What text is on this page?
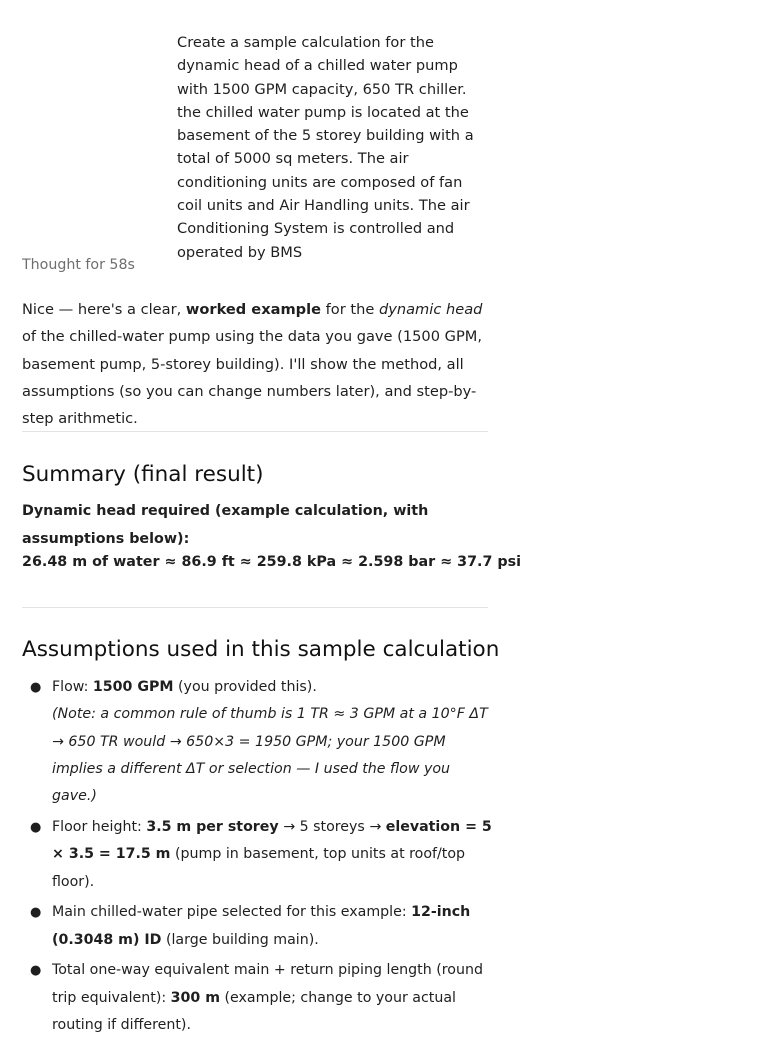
Create a sample calculation for the dynamic head of a chilled water pump with 1500 GPM capacity, 650 TR chiller. the chilled water pump is located at the basement of the 5 storey building with a total of 5000 sq meters. The air conditioning units are composed of fan coil units and Air Handling units. The air Conditioning System is controlled and operated by BMS
Thought for 58s
Nice — here's a clear, worked example for the dynamic head of the chilled-water pump using the data you gave (1500 GPM, basement pump, 5-storey building). I'll show the method, all assumptions (so you can change numbers later), and step-by-step arithmetic.
Summary (final result)
Dynamic head required (example calculation, with assumptions below):
26.48 m of water ≈ 86.9 ft ≈ 259.8 kPa ≈ 2.598 bar ≈ 37.7 psi
Assumptions used in this sample calculation
● Flow: 1500 GPM (you provided this).
(Note: a common rule of thumb is 1 TR ≈ 3 GPM at a 10°F ΔT → 650 TR would → 650×3 = 1950 GPM; your 1500 GPM implies a different ΔT or selection — I used the flow you gave.)
● Floor height: 3.5 m per storey → 5 storeys → elevation = 5 × 3.5 = 17.5 m (pump in basement, top units at roof/top floor).
● Main chilled-water pipe selected for this example: 12-inch (0.3048 m) ID (large building main).
● Total one-way equivalent main + return piping length (round trip equivalent): 300 m (example; change to your actual routing if different).
